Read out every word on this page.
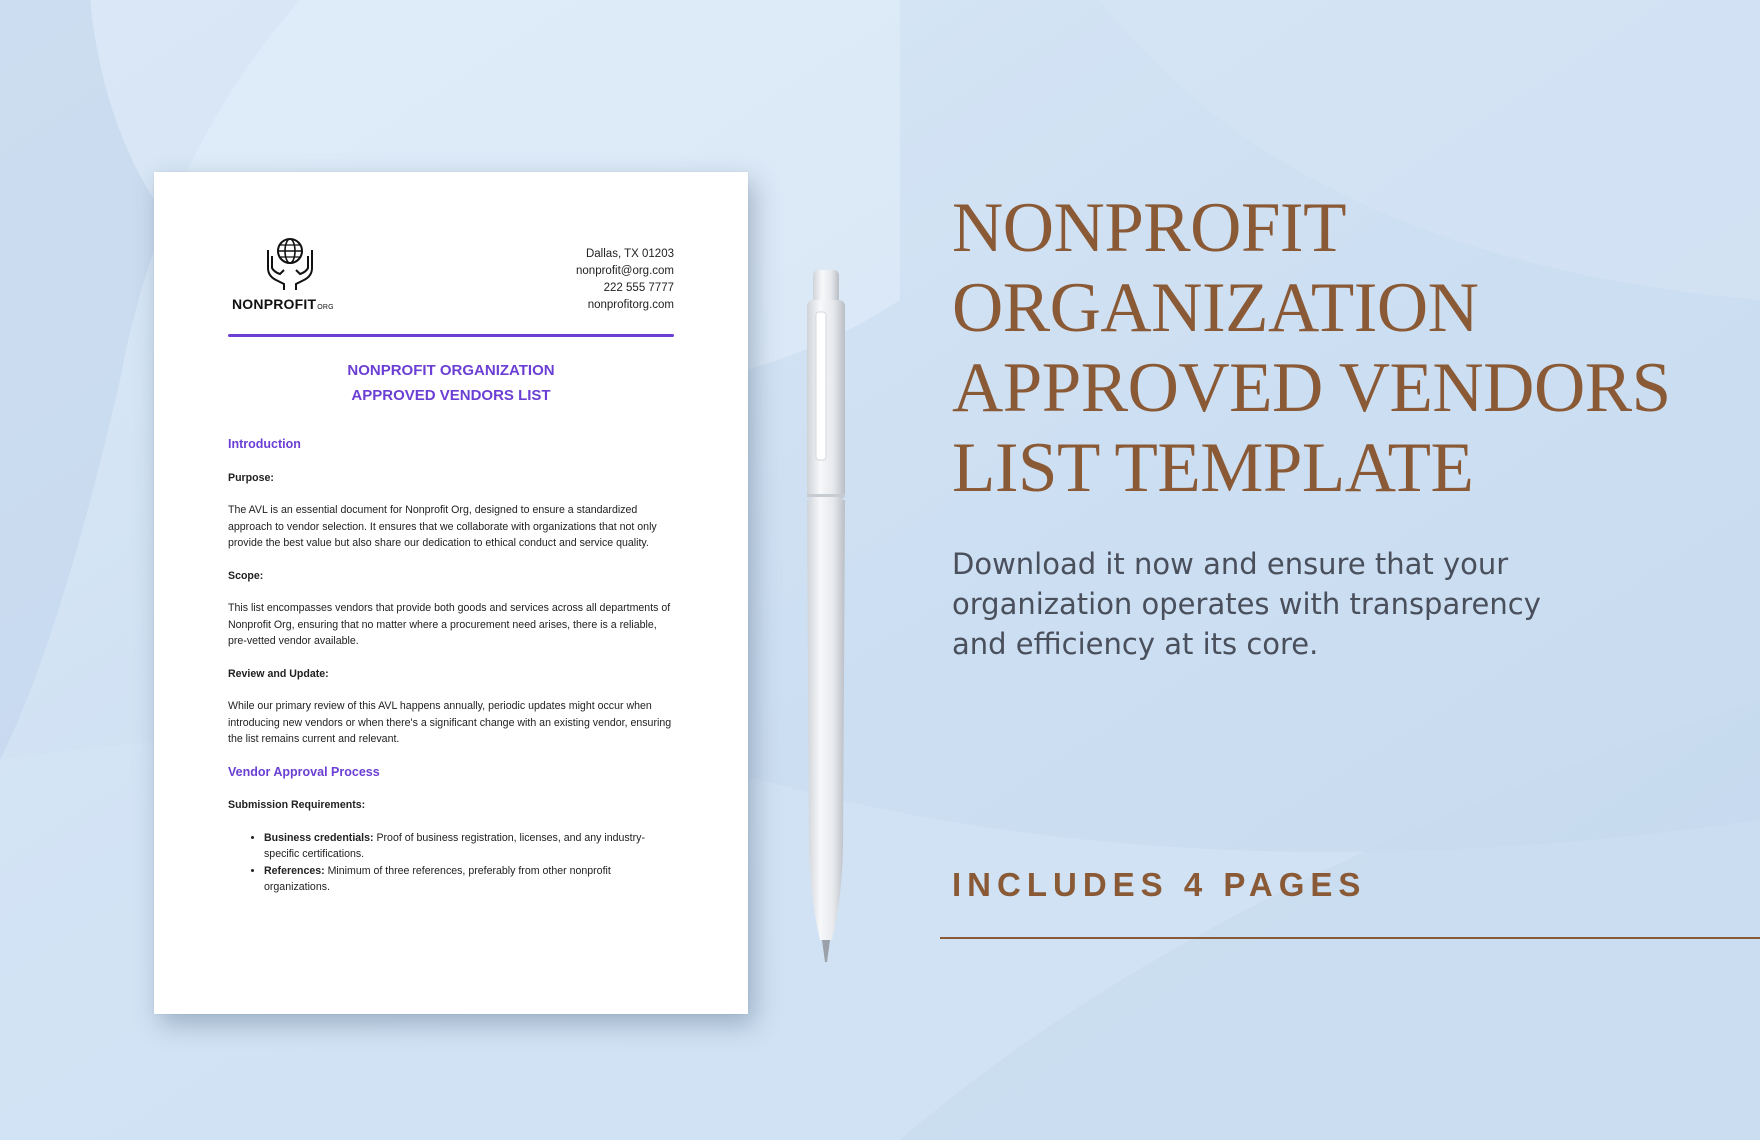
NONPROFITORG
Dallas, TX 01203
nonprofit@org.com
222 555 7777
nonprofitorg.com
NONPROFIT ORGANIZATION
APPROVED VENDORS LIST
Introduction
Purpose:
The AVL is an essential document for Nonprofit Org, designed to ensure a standardized approach to vendor selection. It ensures that we collaborate with organizations that not only provide the best value but also share our dedication to ethical conduct and service quality.
Scope:
This list encompasses vendors that provide both goods and services across all departments of Nonprofit Org, ensuring that no matter where a procurement need arises, there is a reliable, pre-vetted vendor available.
Review and Update:
While our primary review of this AVL happens annually, periodic updates might occur when introducing new vendors or when there's a significant change with an existing vendor, ensuring the list remains current and relevant.
Vendor Approval Process
Submission Requirements:
• Business credentials: Proof of business registration, licenses, and any industry-specific certifications.
• References: Minimum of three references, preferably from other nonprofit organizations.
NONPROFIT
ORGANIZATION
APPROVED VENDORS
LIST TEMPLATE
Download it now and ensure that your organization operates with transparency and efficiency at its core.
INCLUDES 4 PAGES
